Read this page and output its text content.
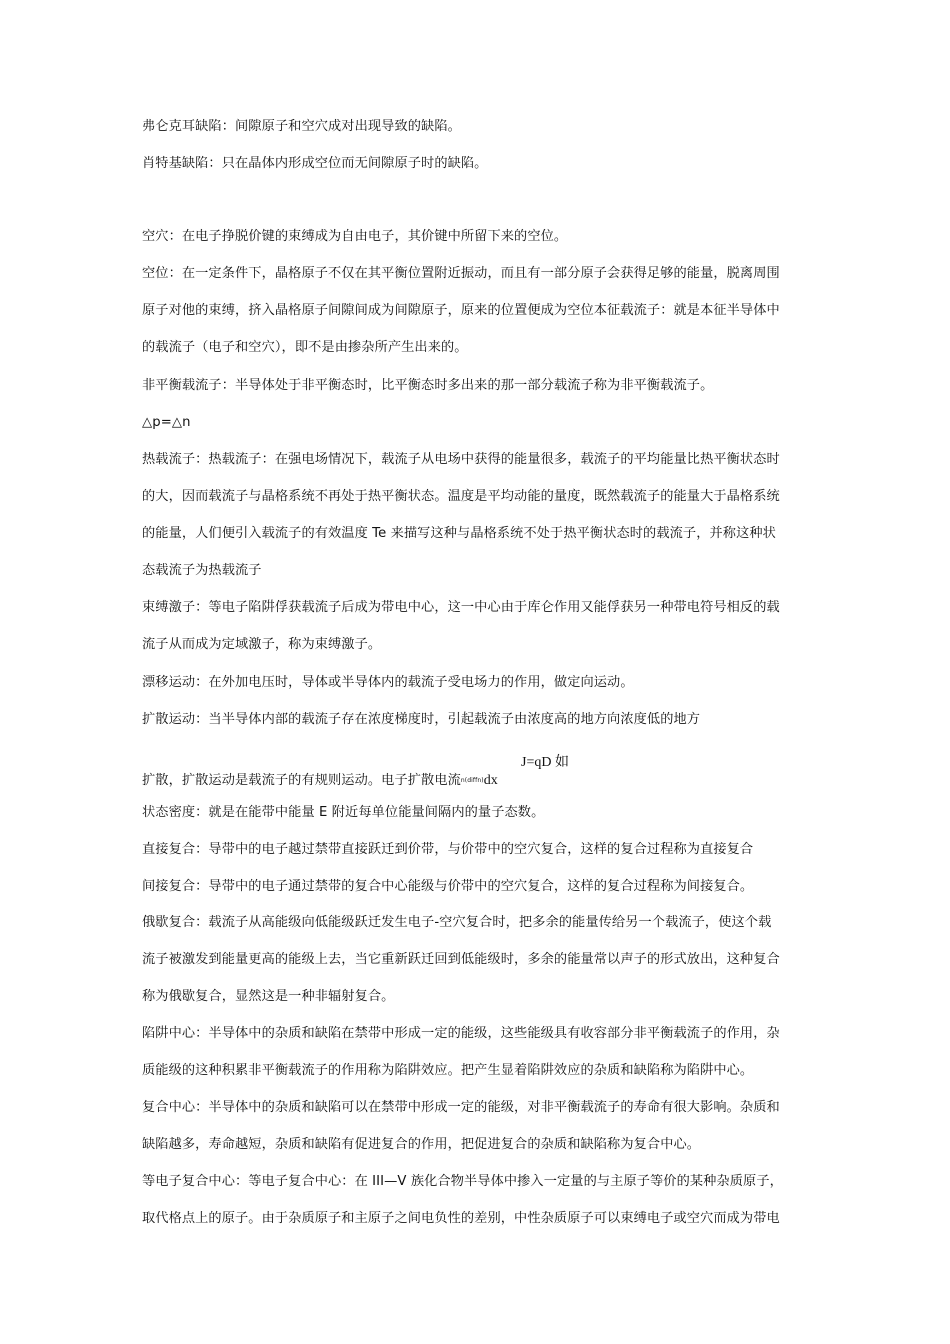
弗仑克耳缺陷：间隙原子和空穴成对出现导致的缺陷。
肖特基缺陷：只在晶体内形成空位而无间隙原子时的缺陷。
空穴：在电子挣脱价键的束缚成为自由电子，其价键中所留下来的空位。
空位：在一定条件下，晶格原子不仅在其平衡位置附近振动，而且有一部分原子会获得足够的能量，脱离周围
原子对他的束缚，挤入晶格原子间隙间成为间隙原子，原来的位置便成为空位本征载流子：就是本征半导体中
的载流子（电子和空穴），即不是由掺杂所产生出来的。
非平衡载流子：半导体处于非平衡态时，比平衡态时多出来的那一部分载流子称为非平衡载流子。
△p=△n
热载流子：热载流子：在强电场情况下，载流子从电场中获得的能量很多，载流子的平均能量比热平衡状态时
的大，因而载流子与晶格系统不再处于热平衡状态。温度是平均动能的量度，既然载流子的能量大于晶格系统
的能量，人们便引入载流子的有效温度 Te 来描写这种与晶格系统不处于热平衡状态时的载流子，并称这种状
态载流子为热载流子
束缚激子：等电子陷阱俘获载流子后成为带电中心，这一中心由于库仑作用又能俘获另一种带电符号相反的载
流子从而成为定域激子，称为束缚激子。
漂移运动：在外加电压时，导体或半导体内的载流子受电场力的作用，做定向运动。
扩散运动：当半导体内部的载流子存在浓度梯度时，引起载流子由浓度高的地方向浓度低的地方
J=qD 如
扩散，扩散运动是载流子的有规则运动。电子扩散电流$^{n(diffn)}$dx
状态密度：就是在能带中能量 E 附近每单位能量间隔内的量子态数。
直接复合：导带中的电子越过禁带直接跃迁到价带，与价带中的空穴复合，这样的复合过程称为直接复合
间接复合：导带中的电子通过禁带的复合中心能级与价带中的空穴复合，这样的复合过程称为间接复合。
俄歇复合：载流子从高能级向低能级跃迁发生电子-空穴复合时，把多余的能量传给另一个载流子，使这个载
流子被激发到能量更高的能级上去，当它重新跃迁回到低能级时，多余的能量常以声子的形式放出，这种复合
称为俄歇复合，显然这是一种非辐射复合。
陷阱中心：半导体中的杂质和缺陷在禁带中形成一定的能级，这些能级具有收容部分非平衡载流子的作用，杂
质能级的这种积累非平衡载流子的作用称为陷阱效应。把产生显着陷阱效应的杂质和缺陷称为陷阱中心。
复合中心：半导体中的杂质和缺陷可以在禁带中形成一定的能级，对非平衡载流子的寿命有很大影响。杂质和
缺陷越多，寿命越短，杂质和缺陷有促进复合的作用，把促进复合的杂质和缺陷称为复合中心。
等电子复合中心：等电子复合中心：在 III—V 族化合物半导体中掺入一定量的与主原子等价的某种杂质原子，
取代格点上的原子。由于杂质原子和主原子之间电负性的差别，中性杂质原子可以束缚电子或空穴而成为带电
